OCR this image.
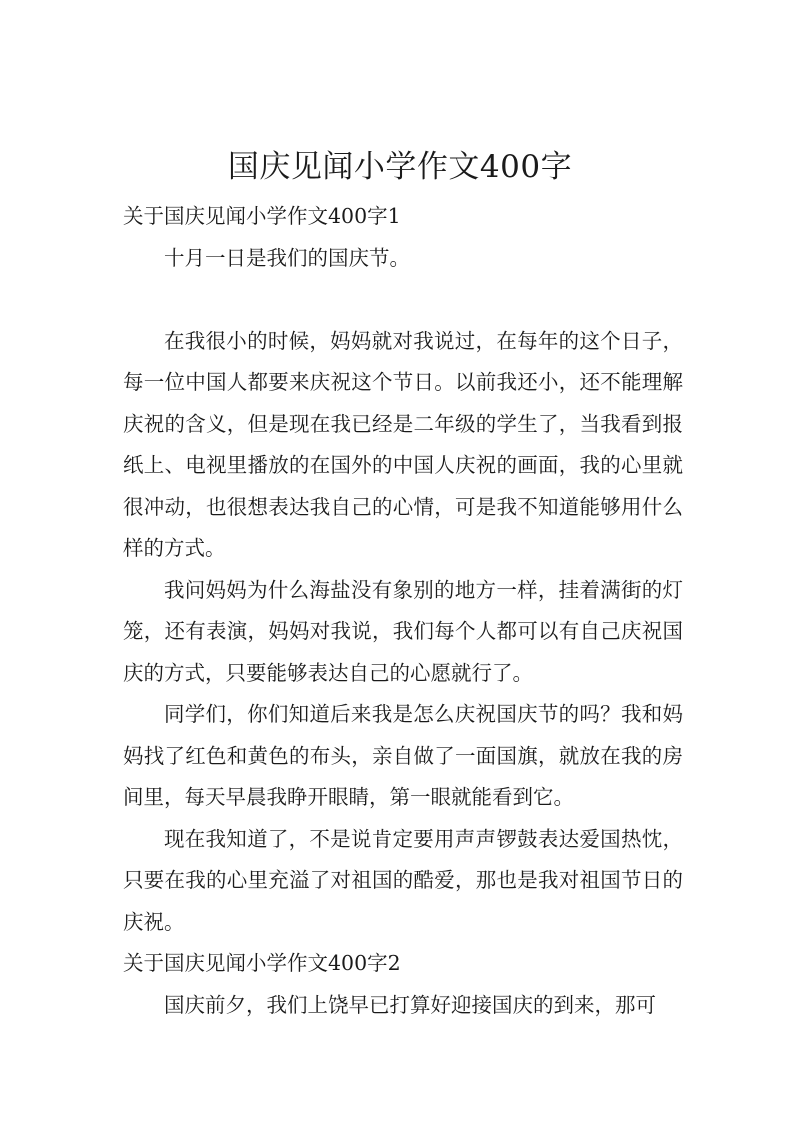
国庆见闻小学作文400字

关于国庆见闻小学作文400字1

十月一日是我们的国庆节。

在我很小的时候，妈妈就对我说过，在每年的这个日子，每一位中国人都要来庆祝这个节日。以前我还小，还不能理解庆祝的含义，但是现在我已经是二年级的学生了，当我看到报纸上、电视里播放的在国外的中国人庆祝的画面，我的心里就很冲动，也很想表达我自己的心情，可是我不知道能够用什么样的方式。

我问妈妈为什么海盐没有象别的地方一样，挂着满街的灯笼，还有表演，妈妈对我说，我们每个人都可以有自己庆祝国庆的方式，只要能够表达自己的心愿就行了。

同学们，你们知道后来我是怎么庆祝国庆节的吗？我和妈妈找了红色和黄色的布头，亲自做了一面国旗，就放在我的房间里，每天早晨我睁开眼睛，第一眼就能看到它。

现在我知道了，不是说肯定要用声声锣鼓表达爱国热忱，只要在我的心里充溢了对祖国的酷爱，那也是我对祖国节日的庆祝。

关于国庆见闻小学作文400字2

国庆前夕，我们上饶早已打算好迎接国庆的到来，那可
